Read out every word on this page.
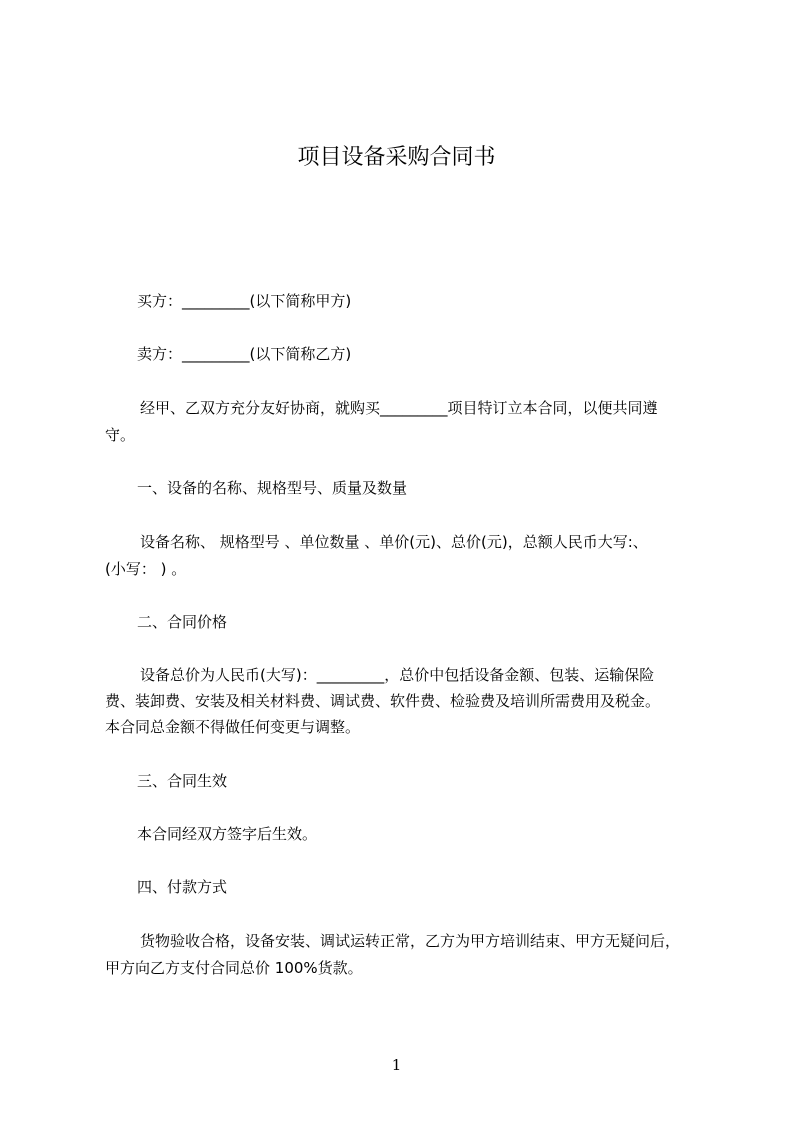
项目设备采购合同书
买方：_________(以下简称甲方)
卖方：_________(以下简称乙方)
经甲、乙双方充分友好协商，就购买_________项目特订立本合同，以便共同遵
守。
一、设备的名称、规格型号、质量及数量
设备名称、 规格型号 、单位数量 、单价(元)、总价(元)，总额人民币大写:、
(小写： ) 。
二、合同价格
设备总价为人民币(大写)：_________，总价中包括设备金额、包装、运输保险
费、装卸费、安装及相关材料费、调试费、软件费、检验费及培训所需费用及税金。
本合同总金额不得做任何变更与调整。
三、合同生效
本合同经双方签字后生效。
四、付款方式
货物验收合格，设备安装、调试运转正常，乙方为甲方培训结束、甲方无疑问后，
甲方向乙方支付合同总价 100%货款。
1
